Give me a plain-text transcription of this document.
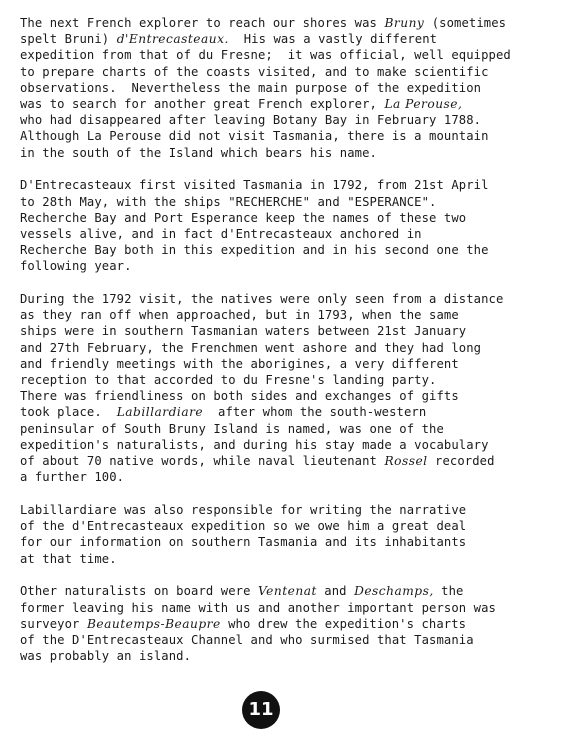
The next French explorer to reach our shores was Bruny (sometimes
spelt Bruni) d'Entrecasteaux.  His was a vastly different
expedition from that of du Fresne;  it was official, well equipped
to prepare charts of the coasts visited, and to make scientific
observations.  Nevertheless the main purpose of the expedition
was to search for another great French explorer, La Perouse,
who had disappeared after leaving Botany Bay in February 1788.
Although La Perouse did not visit Tasmania, there is a mountain
in the south of the Island which bears his name.
D'Entrecasteaux first visited Tasmania in 1792, from 21st April
to 28th May, with the ships "RECHERCHE" and "ESPERANCE".
Recherche Bay and Port Esperance keep the names of these two
vessels alive, and in fact d'Entrecasteaux anchored in
Recherche Bay both in this expedition and in his second one the
following year.
During the 1792 visit, the natives were only seen from a distance
as they ran off when approached, but in 1793, when the same
ships were in southern Tasmanian waters between 21st January
and 27th February, the Frenchmen went ashore and they had long
and friendly meetings with the aborigines, a very different
reception to that accorded to du Fresne's landing party.
There was friendliness on both sides and exchanges of gifts
took place.  Labillardiare  after whom the south-western
peninsular of South Bruny Island is named, was one of the
expedition's naturalists, and during his stay made a vocabulary
of about 70 native words, while naval lieutenant Rossel recorded
a further 100.
Labillardiare was also responsible for writing the narrative
of the d'Entrecasteaux expedition so we owe him a great deal
for our information on southern Tasmania and its inhabitants
at that time.
Other naturalists on board were Ventenat and Deschamps, the
former leaving his name with us and another important person was
surveyor Beautemps-Beaupre who drew the expedition's charts
of the D'Entrecasteaux Channel and who surmised that Tasmania
was probably an island.
11
